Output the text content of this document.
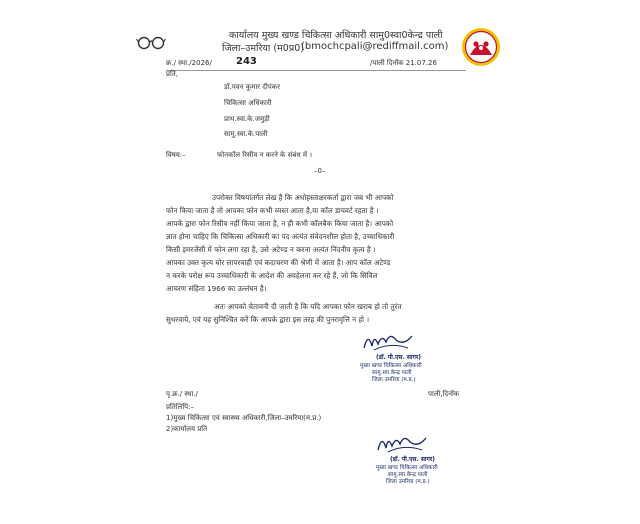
कार्यालय मुख्य खण्ड चिकित्सा अधिकारी सामु0स्वा0केन्द्र पाली
जिला–उमरिया (म0प्र0)
(bmochcpali@rediffmail.com)
क्र./ स्था./2026/ 243	/पाली दिनॉक 21.07.26
प्रति,
डॉ.पवन कुमार दीपंकर
चिकित्सा अधिकारी
प्राथ.स्वा.के.जमुड़ी
सामु.स्वा.के.पाली
विषय:–	फोनकॉल रिसीव न करने के संबंध में ।
–0–
उपरोक्त विषयांतर्गत लेख है कि अधोहस्ताक्षरकर्ता द्वारा जब भी आपको
फोन किया जाता है तो आपका फोन कभी व्यस्त आता है,या कॉल डायवर्ट रहता है ।
आपके द्वारा फोन रिसीव नहीं किया जाता है, न ही कभी कॉलबैक किया जाता है। आपको
ज्ञात होना चाहिए कि चिकित्सा अधिकारी का पद अत्यंत संवेदनशील होता है, उच्चाधिकारी
किसी इमरजेंसी में फोन लगा रहा है, उसे अटेण्ड न करना अत्यंत निंदनीय कृत्य है ।
आपका उक्त कृत्य घोर लापरवाही एवं कदाचरण की श्रेणी में आता है। आप कॉल अटेण्ड
न करके परोक्ष रूप उच्चाधिकारी के आदेश की अवहेलना कर रहे हैं, जो कि सिविल
आचरण संहिता 1966 का उल्लंघन है।
अतः आपको चेतावनी दी जाती है कि यदि आपका फोन खराब हो तो तुरंत
सुधरवाये, एवं यह सुनिश्चित करें कि आपके द्वारा इस तरह की पुनरावृत्ति न हो ।
(डॉ. पी.एस. सागर)
मुख्य खण्ड चिकित्सा अधिकारी
सामु.स्वा.केन्द्र पाली
जिला उमरिया (म.प्र.)
पृ.क्र./ स्था./	पाली,दिनॉक
प्रतिलिपि:–
1)मुख्य चिकित्सा एवं स्वास्थ्य अधिकारी,जिला–उमरिया(म.प्र.)
2)कार्यालय प्रति
(डॉ. पी.एस. सागर)
मुख्य खण्ड चिकित्सा अधिकारी
सामु.स्वा.केन्द्र पाली
जिला उमरिया (म.प्र.)
